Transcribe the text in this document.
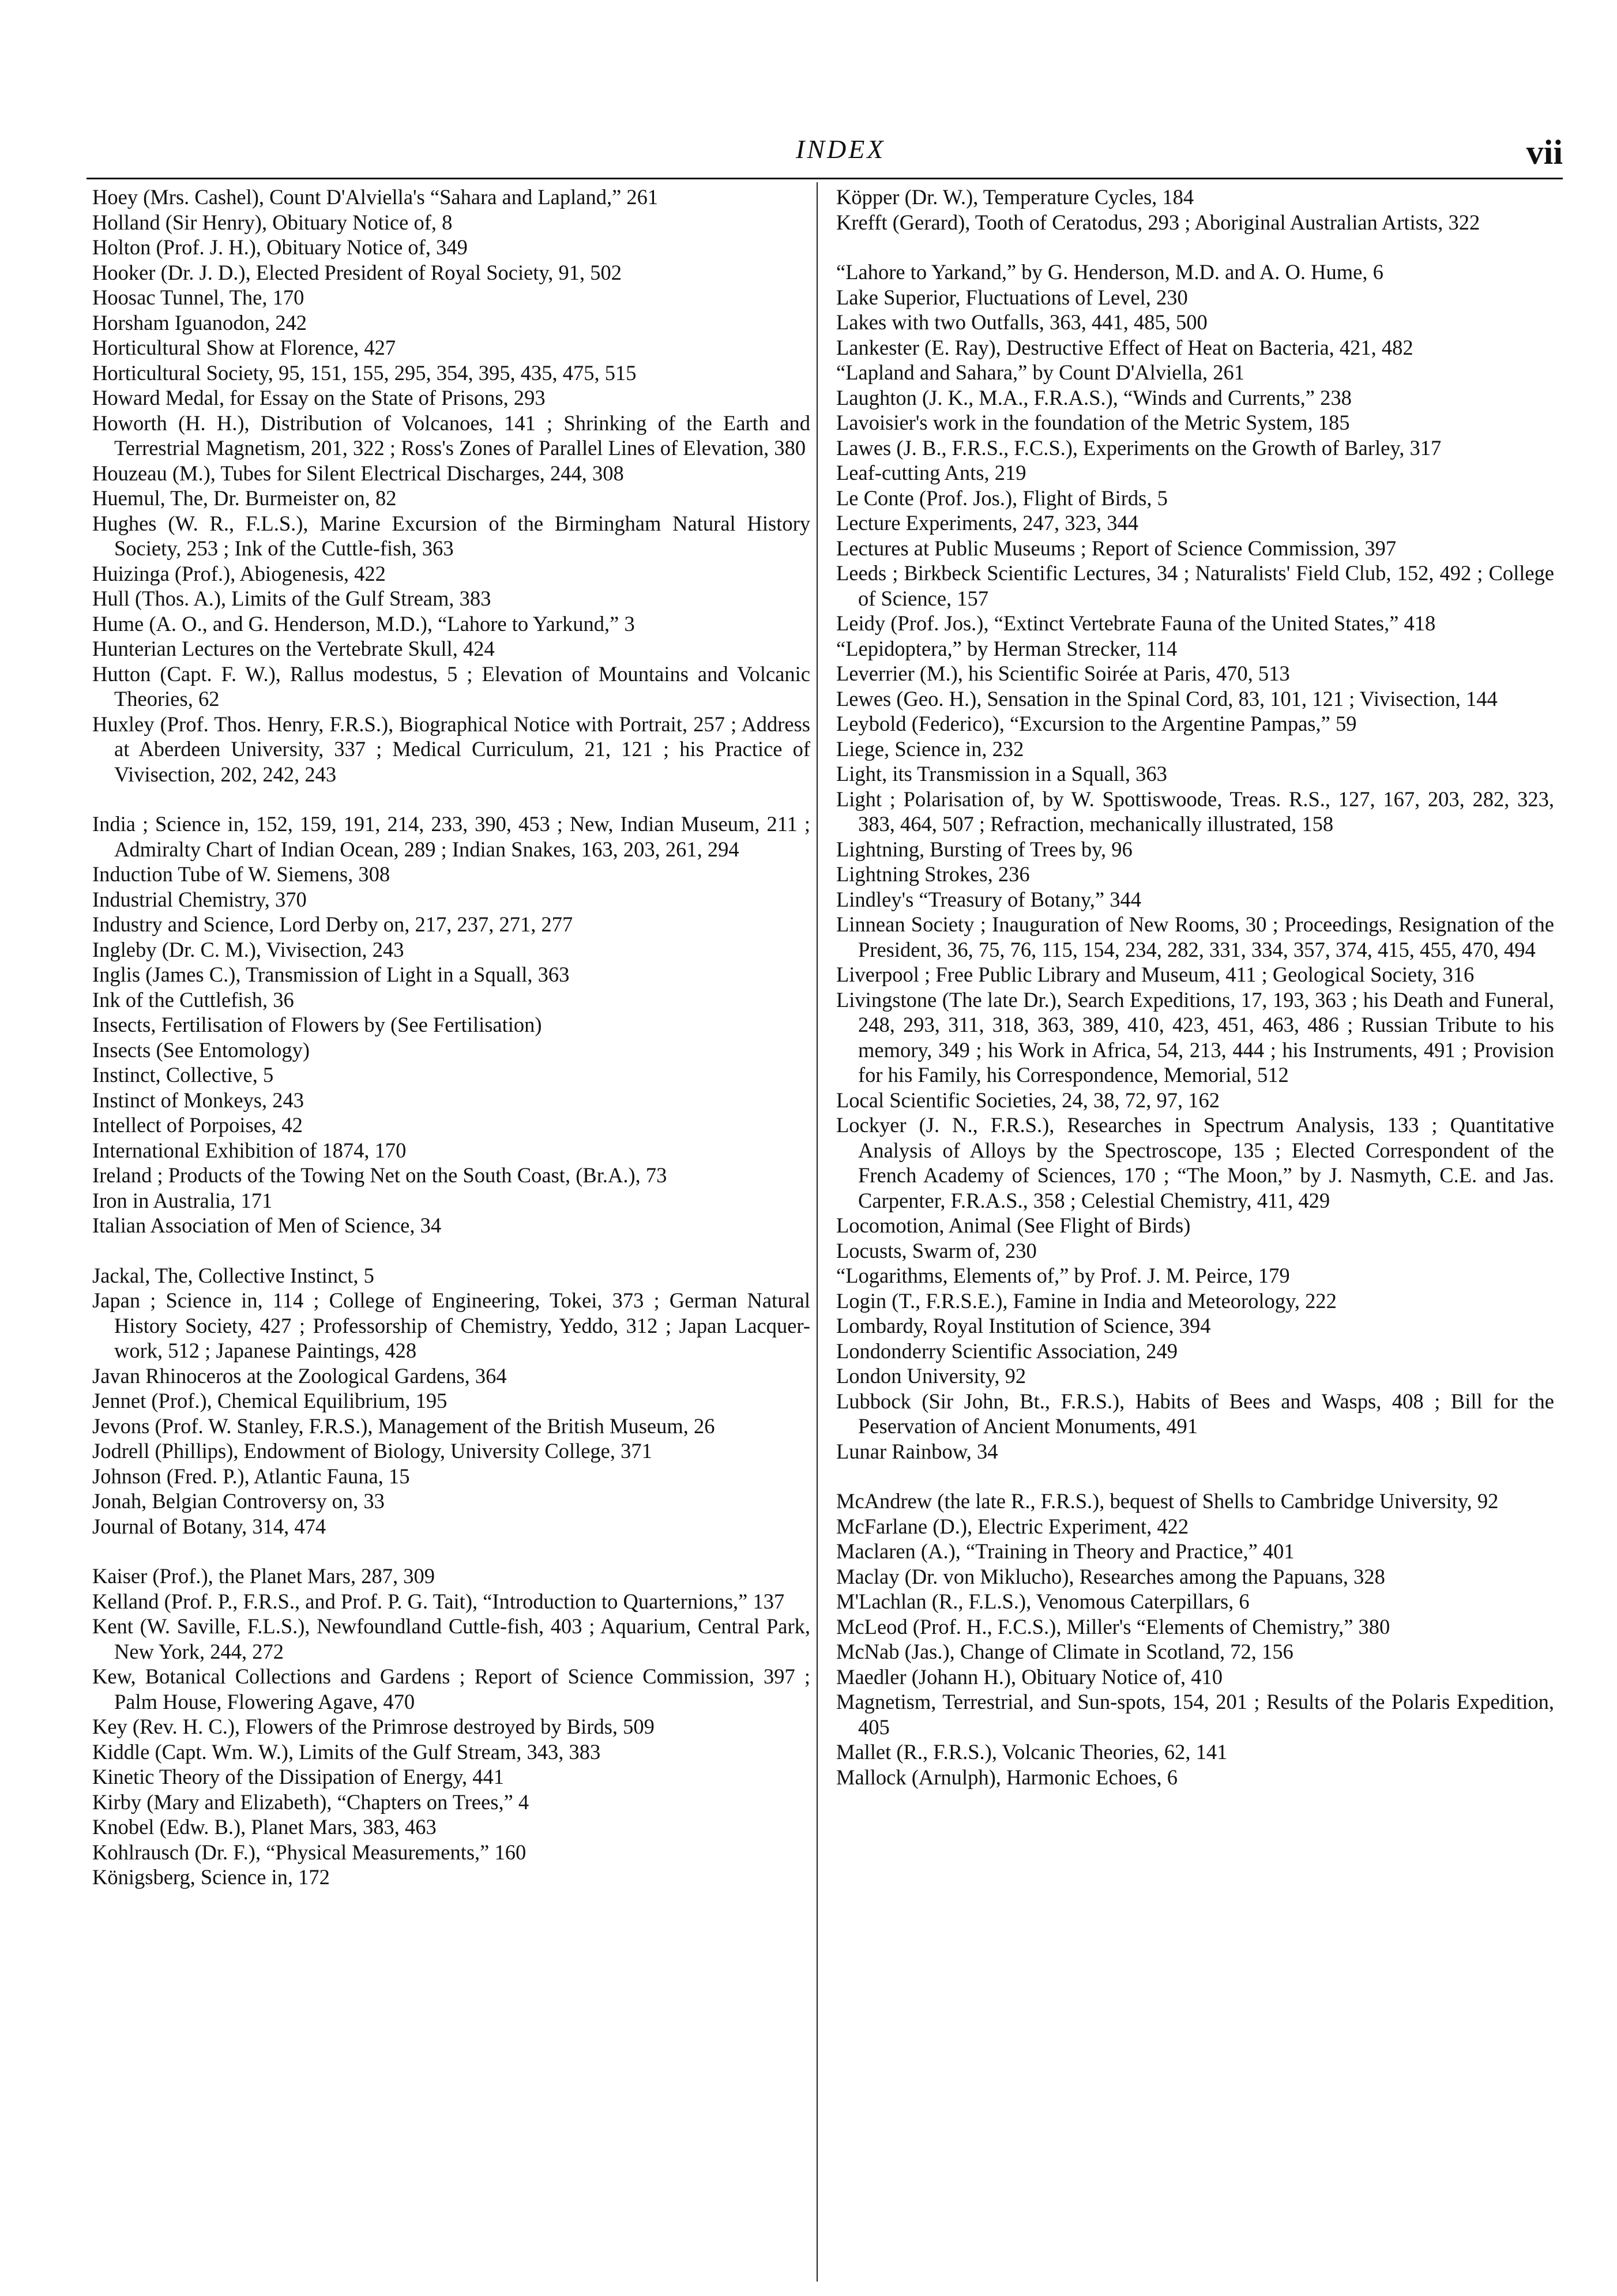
INDEX	vii
Hoey (Mrs. Cashel), Count D'Alviella's “Sahara and Lapland,” 261
Holland (Sir Henry), Obituary Notice of, 8
Holton (Prof. J. H.), Obituary Notice of, 349
Hooker (Dr. J. D.), Elected President of Royal Society, 91, 502
Hoosac Tunnel, The, 170
Horsham Iguanodon, 242
Horticultural Show at Florence, 427
Horticultural Society, 95, 151, 155, 295, 354, 395, 435, 475, 515
Howard Medal, for Essay on the State of Prisons, 293
Howorth (H. H.), Distribution of Volcanoes, 141 ; Shrinking of the Earth and Terrestrial Magnetism, 201, 322 ; Ross's Zones of Parallel Lines of Elevation, 380
Houzeau (M.), Tubes for Silent Electrical Discharges, 244, 308
Huemul, The, Dr. Burmeister on, 82
Hughes (W. R., F.L.S.), Marine Excursion of the Birmingham Natural History Society, 253 ; Ink of the Cuttle-fish, 363
Huizinga (Prof.), Abiogenesis, 422
Hull (Thos. A.), Limits of the Gulf Stream, 383
Hume (A. O., and G. Henderson, M.D.), “Lahore to Yarkund,” 3
Hunterian Lectures on the Vertebrate Skull, 424
Hutton (Capt. F. W.), Rallus modestus, 5 ; Elevation of Mountains and Volcanic Theories, 62
Huxley (Prof. Thos. Henry, F.R.S.), Biographical Notice with Portrait, 257 ; Address at Aberdeen University, 337 ; Medical Curriculum, 21, 121 ; his Practice of Vivisection, 202, 242, 243
India ; Science in, 152, 159, 191, 214, 233, 390, 453 ; New, Indian Museum, 211 ; Admiralty Chart of Indian Ocean, 289 ; Indian Snakes, 163, 203, 261, 294
Induction Tube of W. Siemens, 308
Industrial Chemistry, 370
Industry and Science, Lord Derby on, 217, 237, 271, 277
Ingleby (Dr. C. M.), Vivisection, 243
Inglis (James C.), Transmission of Light in a Squall, 363
Ink of the Cuttlefish, 36
Insects, Fertilisation of Flowers by (See Fertilisation)
Insects (See Entomology)
Instinct, Collective, 5
Instinct of Monkeys, 243
Intellect of Porpoises, 42
International Exhibition of 1874, 170
Ireland ; Products of the Towing Net on the South Coast, (Br.A.), 73
Iron in Australia, 171
Italian Association of Men of Science, 34
Jackal, The, Collective Instinct, 5
Japan ; Science in, 114 ; College of Engineering, Tokei, 373 ; German Natural History Society, 427 ; Professorship of Chemistry, Yeddo, 312 ; Japan Lacquer-work, 512 ; Japanese Paintings, 428
Javan Rhinoceros at the Zoological Gardens, 364
Jennet (Prof.), Chemical Equilibrium, 195
Jevons (Prof. W. Stanley, F.R.S.), Management of the British Museum, 26
Jodrell (Phillips), Endowment of Biology, University College, 371
Johnson (Fred. P.), Atlantic Fauna, 15
Jonah, Belgian Controversy on, 33
Journal of Botany, 314, 474
Kaiser (Prof.), the Planet Mars, 287, 309
Kelland (Prof. P., F.R.S., and Prof. P. G. Tait), “Introduction to Quarternions,” 137
Kent (W. Saville, F.L.S.), Newfoundland Cuttle-fish, 403 ; Aquarium, Central Park, New York, 244, 272
Kew, Botanical Collections and Gardens ; Report of Science Commission, 397 ; Palm House, Flowering Agave, 470
Key (Rev. H. C.), Flowers of the Primrose destroyed by Birds, 509
Kiddle (Capt. Wm. W.), Limits of the Gulf Stream, 343, 383
Kinetic Theory of the Dissipation of Energy, 441
Kirby (Mary and Elizabeth), “Chapters on Trees,” 4
Knobel (Edw. B.), Planet Mars, 383, 463
Kohlrausch (Dr. F.), “Physical Measurements,” 160
Königsberg, Science in, 172
Köpper (Dr. W.), Temperature Cycles, 184
Krefft (Gerard), Tooth of Ceratodus, 293 ; Aboriginal Australian Artists, 322
“Lahore to Yarkand,” by G. Henderson, M.D. and A. O. Hume, 6
Lake Superior, Fluctuations of Level, 230
Lakes with two Outfalls, 363, 441, 485, 500
Lankester (E. Ray), Destructive Effect of Heat on Bacteria, 421, 482
“Lapland and Sahara,” by Count D'Alviella, 261
Laughton (J. K., M.A., F.R.A.S.), “Winds and Currents,” 238
Lavoisier's work in the foundation of the Metric System, 185
Lawes (J. B., F.R.S., F.C.S.), Experiments on the Growth of Barley, 317
Leaf-cutting Ants, 219
Le Conte (Prof. Jos.), Flight of Birds, 5
Lecture Experiments, 247, 323, 344
Lectures at Public Museums ; Report of Science Commission, 397
Leeds ; Birkbeck Scientific Lectures, 34 ; Naturalists' Field Club, 152, 492 ; College of Science, 157
Leidy (Prof. Jos.), “Extinct Vertebrate Fauna of the United States,” 418
“Lepidoptera,” by Herman Strecker, 114
Leverrier (M.), his Scientific Soirée at Paris, 470, 513
Lewes (Geo. H.), Sensation in the Spinal Cord, 83, 101, 121 ; Vivisection, 144
Leybold (Federico), “Excursion to the Argentine Pampas,” 59
Liege, Science in, 232
Light, its Transmission in a Squall, 363
Light ; Polarisation of, by W. Spottiswoode, Treas. R.S., 127, 167, 203, 282, 323, 383, 464, 507 ; Refraction, mechanically illustrated, 158
Lightning, Bursting of Trees by, 96
Lightning Strokes, 236
Lindley's “Treasury of Botany,” 344
Linnean Society ; Inauguration of New Rooms, 30 ; Proceedings, Resignation of the President, 36, 75, 76, 115, 154, 234, 282, 331, 334, 357, 374, 415, 455, 470, 494
Liverpool ; Free Public Library and Museum, 411 ; Geological Society, 316
Livingstone (The late Dr.), Search Expeditions, 17, 193, 363 ; his Death and Funeral, 248, 293, 311, 318, 363, 389, 410, 423, 451, 463, 486 ; Russian Tribute to his memory, 349 ; his Work in Africa, 54, 213, 444 ; his Instruments, 491 ; Provision for his Family, his Correspondence, Memorial, 512
Local Scientific Societies, 24, 38, 72, 97, 162
Lockyer (J. N., F.R.S.), Researches in Spectrum Analysis, 133 ; Quantitative Analysis of Alloys by the Spectroscope, 135 ; Elected Correspondent of the French Academy of Sciences, 170 ; “The Moon,” by J. Nasmyth, C.E. and Jas. Carpenter, F.R.A.S., 358 ; Celestial Chemistry, 411, 429
Locomotion, Animal (See Flight of Birds)
Locusts, Swarm of, 230
“Logarithms, Elements of,” by Prof. J. M. Peirce, 179
Login (T., F.R.S.E.), Famine in India and Meteorology, 222
Lombardy, Royal Institution of Science, 394
Londonderry Scientific Association, 249
London University, 92
Lubbock (Sir John, Bt., F.R.S.), Habits of Bees and Wasps, 408 ; Bill for the Peservation of Ancient Monuments, 491
Lunar Rainbow, 34
McAndrew (the late R., F.R.S.), bequest of Shells to Cambridge University, 92
McFarlane (D.), Electric Experiment, 422
Maclaren (A.), “Training in Theory and Practice,” 401
Maclay (Dr. von Miklucho), Researches among the Papuans, 328
M'Lachlan (R., F.L.S.), Venomous Caterpillars, 6
McLeod (Prof. H., F.C.S.), Miller's “Elements of Chemistry,” 380
McNab (Jas.), Change of Climate in Scotland, 72, 156
Maedler (Johann H.), Obituary Notice of, 410
Magnetism, Terrestrial, and Sun-spots, 154, 201 ; Results of the Polaris Expedition, 405
Mallet (R., F.R.S.), Volcanic Theories, 62, 141
Mallock (Arnulph), Harmonic Echoes, 6
